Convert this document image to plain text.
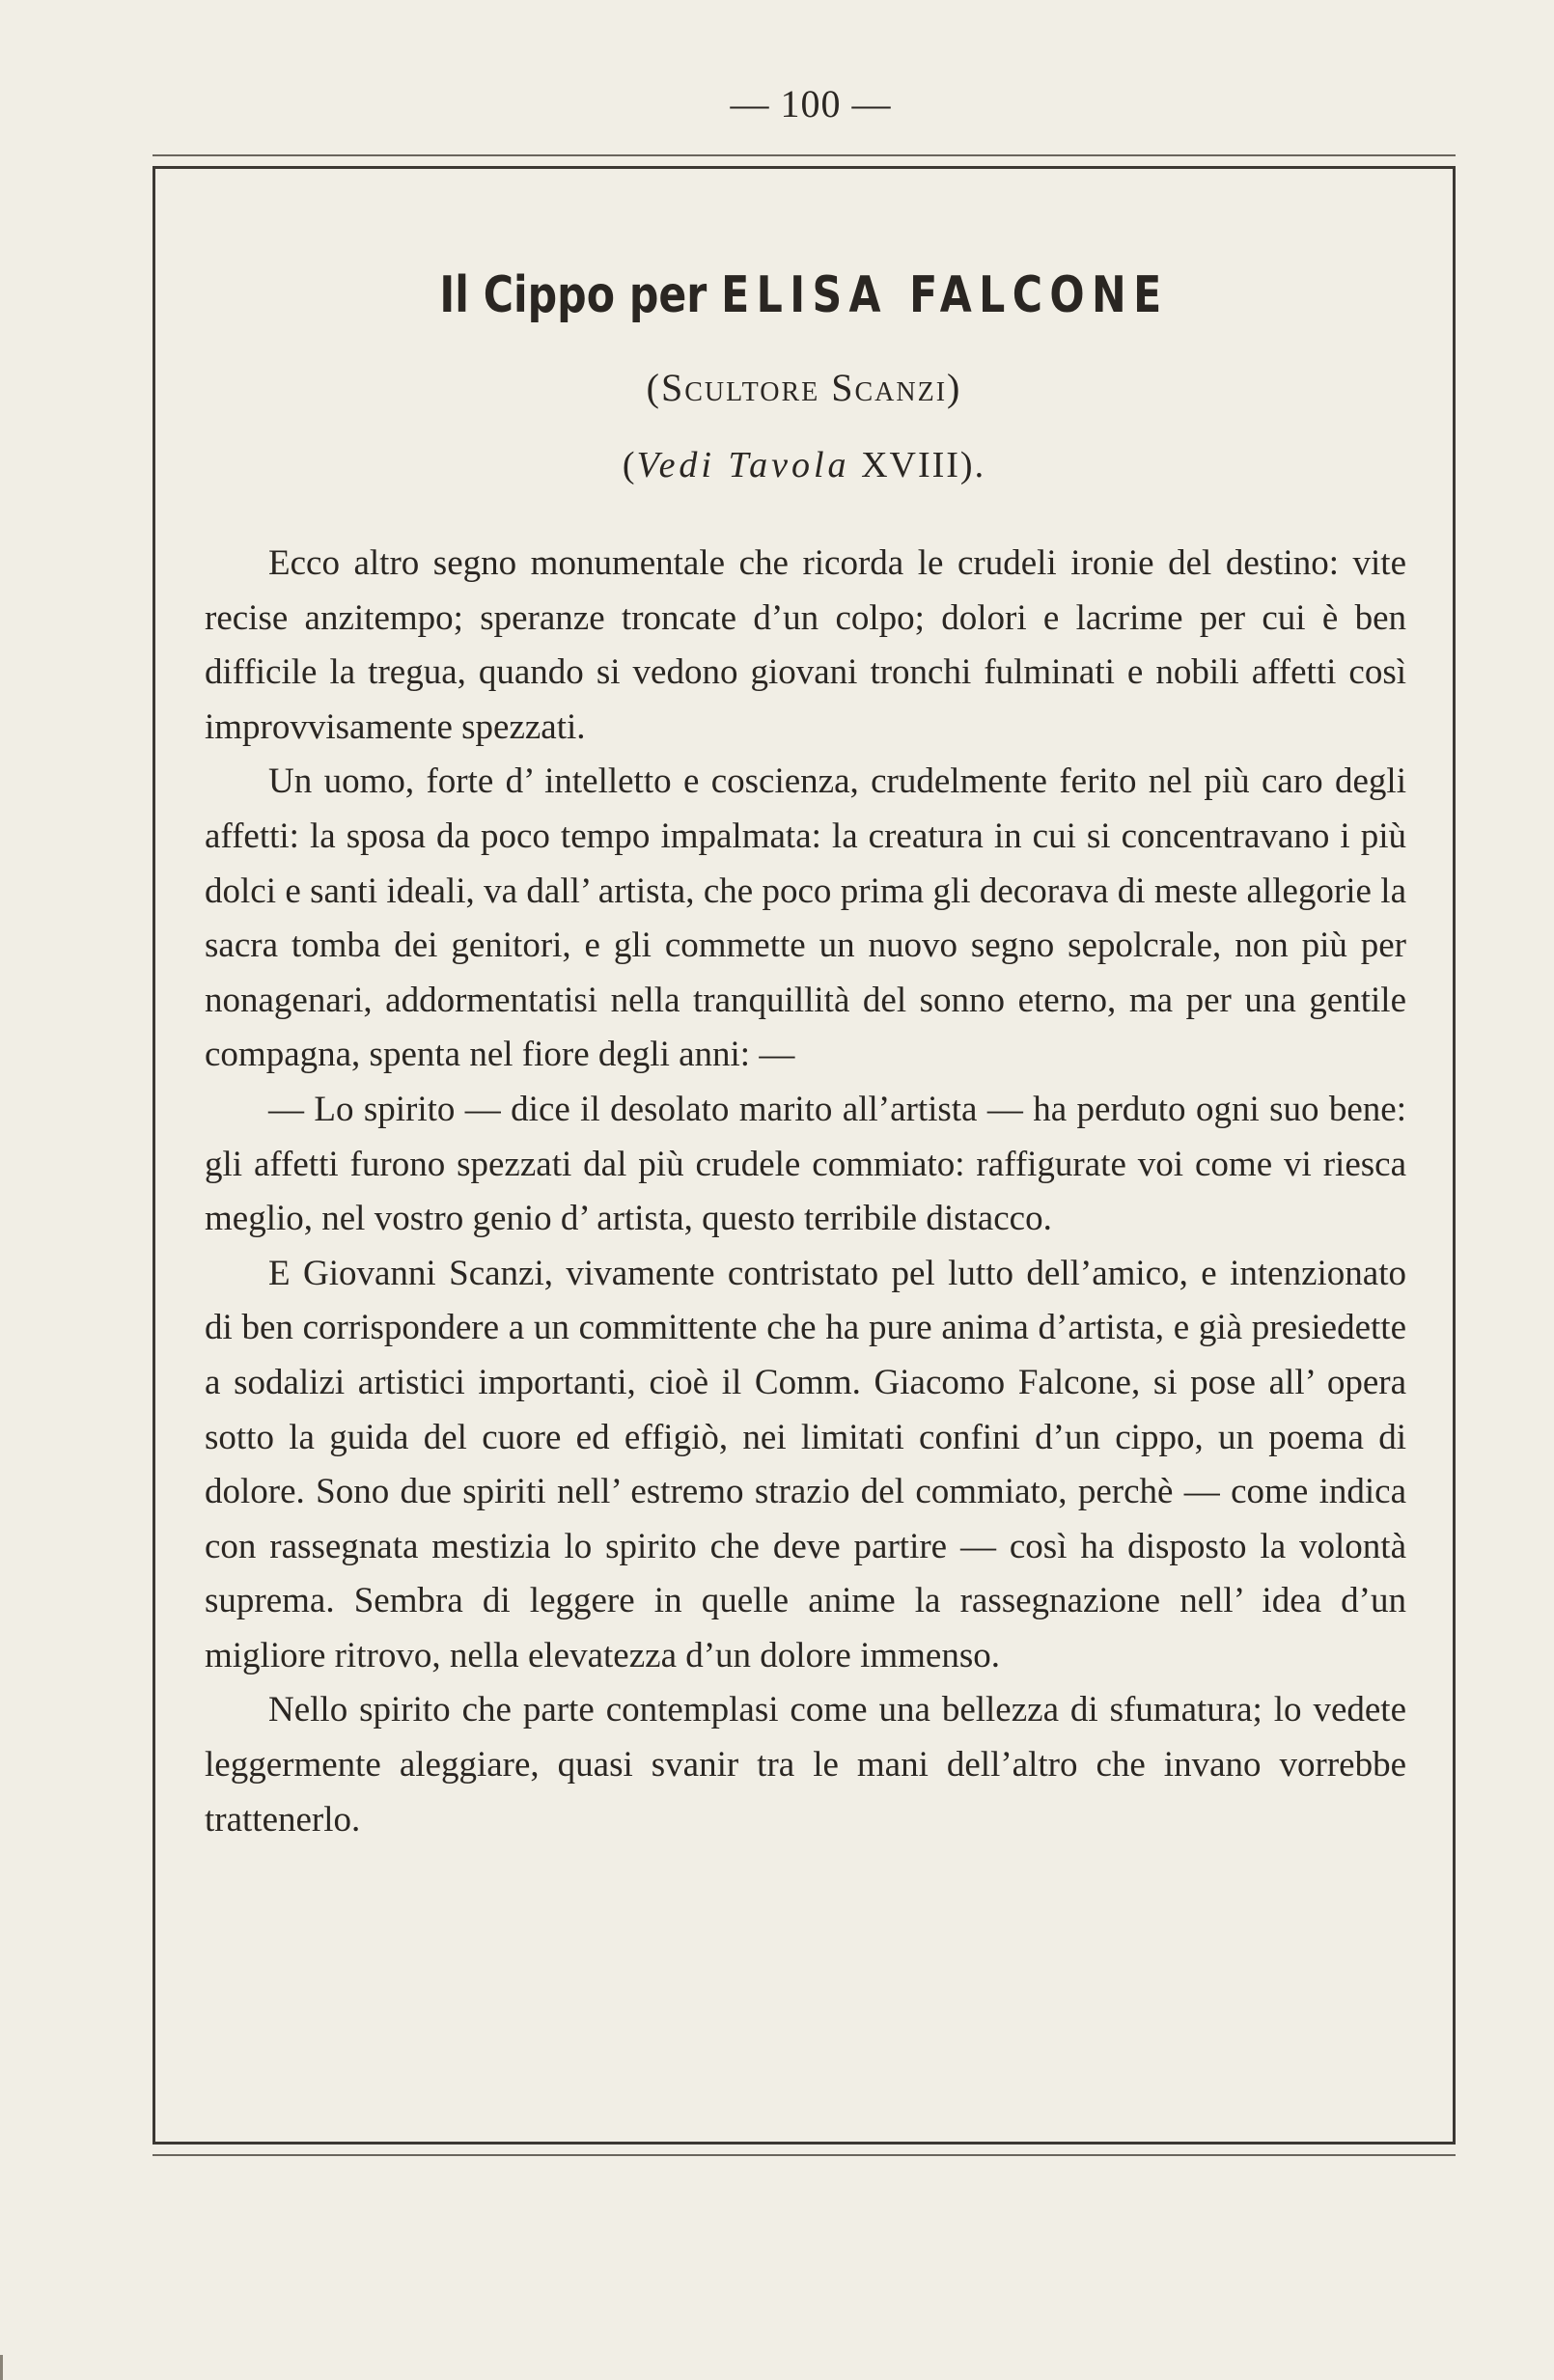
— 100 —
Il Cippo per ELISA FALCONE
(Scultore Scanzi)
(Vedi Tavola XVIII).

Ecco altro segno monumentale che ricorda le crudeli ironie del destino: vite recise anzitempo; speranze troncate d’un colpo; dolori e lacrime per cui è ben difficile la tregua, quando si vedono giovani tronchi fulminati e nobili affetti così improvvisamente spezzati.

Un uomo, forte d’ intelletto e coscienza, crudelmente ferito nel più caro degli affetti: la sposa da poco tempo impalmata: la creatura in cui si concentravano i più dolci e santi ideali, va dall’ artista, che poco prima gli decorava di meste allegorie la sacra tomba dei genitori, e gli commette un nuovo segno sepolcrale, non più per nonagenari, addormentatisi nella tranquillità del sonno eterno, ma per una gentile compagna, spenta nel fiore degli anni: —

— Lo spirito — dice il desolato marito all’artista — ha perduto ogni suo bene: gli affetti furono spezzati dal più crudele commiato: raffigurate voi come vi riesca meglio, nel vostro genio d’ artista, questo terribile distacco.

E Giovanni Scanzi, vivamente contristato pel lutto dell’amico, e intenzionato di ben corrispondere a un committente che ha pure anima d’artista, e già presiedette a sodalizi artistici importanti, cioè il Comm. Giacomo Falcone, si pose all’ opera sotto la guida del cuore ed effigiò, nei limitati confini d’un cippo, un poema di dolore. Sono due spiriti nell’ estremo strazio del commiato, perchè — come indica con rassegnata mestizia lo spirito che deve partire — così ha disposto la volontà suprema. Sembra di leggere in quelle anime la rassegnazione nell’ idea d’un migliore ritrovo, nella elevatezza d’un dolore immenso.

Nello spirito che parte contemplasi come una bellezza di sfumatura; lo vedete leggermente aleggiare, quasi svanir tra le mani dell’altro che invano vorrebbe trattenerlo.
